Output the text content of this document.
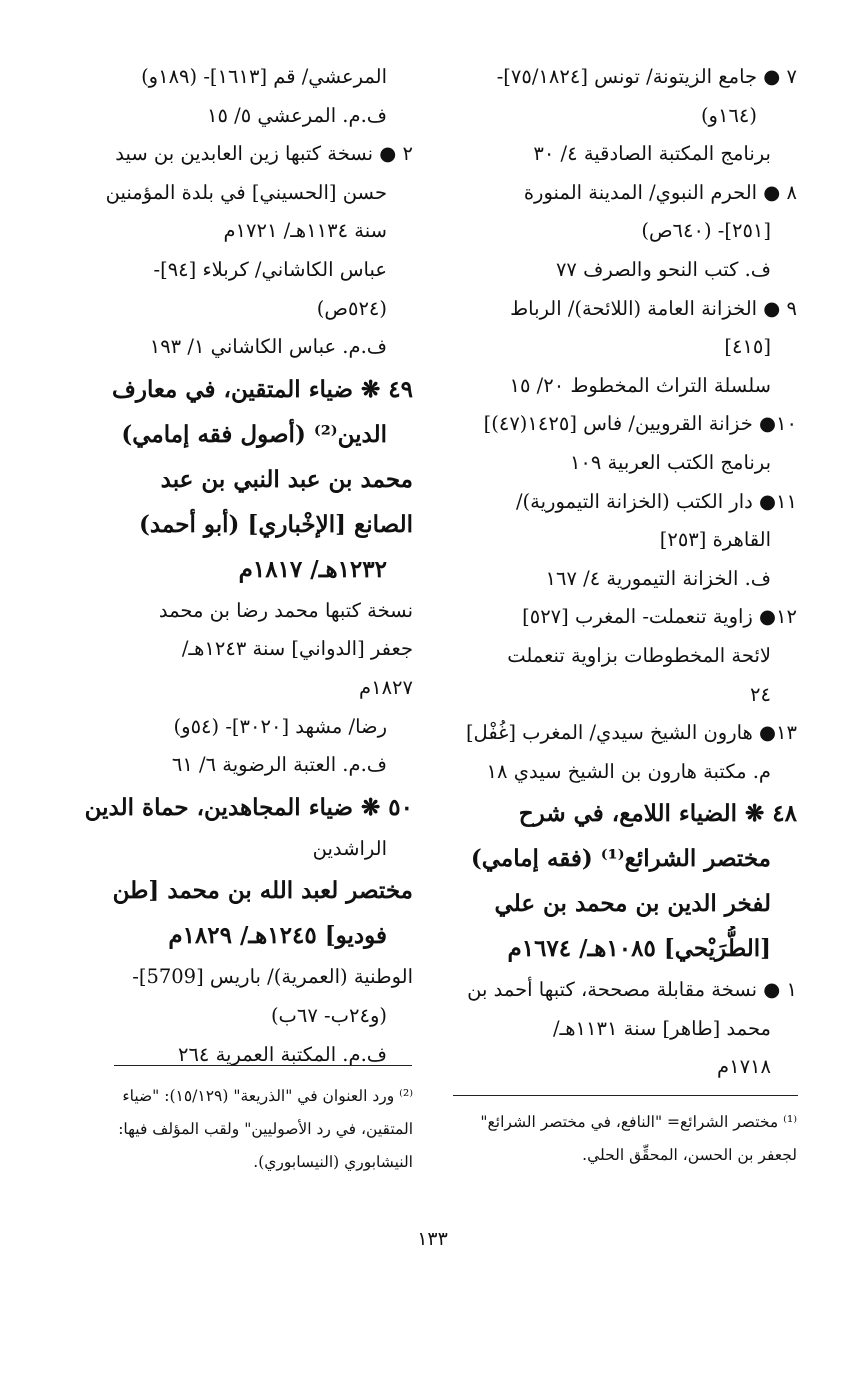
٧ ● جامع الزيتونة/ تونس [٧٥/١٨٢٤]-
(١٦٤و)
برنامج المكتبة الصادقية ٤/ ٣٠
٨ ● الحرم النبوي/ المدينة المنورة
[٢٥١]- (٦٤٠ص)
ف. كتب النحو والصرف ٧٧
٩ ● الخزانة العامة (اللائحة)/ الرباط
[٤١٥]
سلسلة التراث المخطوط ٢٠/ ١٥
١٠● خزانة القرويين/ فاس [١٤٢٥(٤٧)]
برنامج الكتب العربية ١٠٩
١١● دار الكتب (الخزانة التيمورية)/
القاهرة [٢٥٣]
ف. الخزانة التيمورية ٤/ ١٦٧
١٢● زاوية تنعملت- المغرب [٥٢٧]
لائحة المخطوطات بزاوية تنعملت
٢٤
١٣● هارون الشيخ سيدي/ المغرب [غُفْل]
م. مكتبة هارون بن الشيخ سيدي ١٨
٤٨ ❋ الضياء اللامع، في شرح
مختصر الشرائع⁽¹⁾ (فقه إمامي)
لفخر الدين بن محمد بن علي
[الطُّرَيْحي] ١٠٨٥هـ/ ١٦٧٤م
١ ● نسخة مقابلة مصححة، كتبها أحمد بن
محمد [طاهر] سنة ١١٣١هـ/
١٧١٨م
المرعشي/ قم [١٦١٣]- (١٨٩و)
ف.م. المرعشي ٥/ ١٥
٢ ● نسخة كتبها زين العابدين بن سيد
حسن [الحسيني] في بلدة المؤمنين
سنة ١١٣٤هـ/ ١٧٢١م
عباس الكاشاني/ كربلاء [٩٤]-
(٥٢٤ص)
ف.م. عباس الكاشاني ١/ ١٩٣
٤٩ ❋ ضياء المتقين، في معارف
الدين⁽²⁾ (أصول فقه إمامي)
محمد بن عبد النبي بن عبد
الصانع [الإخْباري] (أبو أحمد)
١٢٣٢هـ/ ١٨١٧م
نسخة كتبها محمد رضا بن محمد
جعفر [الدواني] سنة ١٢٤٣هـ/
١٨٢٧م
رضا/ مشهد [٣٠٢٠]- (٥٤و)
ف.م. العتبة الرضوية ٦/ ٦١
٥٠ ❋ ضياء المجاهدين، حماة الدين
الراشدين
مختصر لعبد الله بن محمد [طن
فوديو] ١٢٤٥هـ/ ١٨٢٩م
الوطنية (العمرية)/ باريس [5709]-
(و٢٤ب- ٦٧ب)
ف.م. المكتبة العمرية ٢٦٤
⁽¹⁾ مختصر الشرائع= "النافع، في مختصر الشرائع"
لجعفر بن الحسن، المحقِّق الحلي.
⁽²⁾ ورد العنوان في "الذريعة" (١٥/١٢٩): "ضياء
المتقين، في رد الأصوليين" ولقب المؤلف فيها:
النيشابوري (النيسابوري).
١٣٣
